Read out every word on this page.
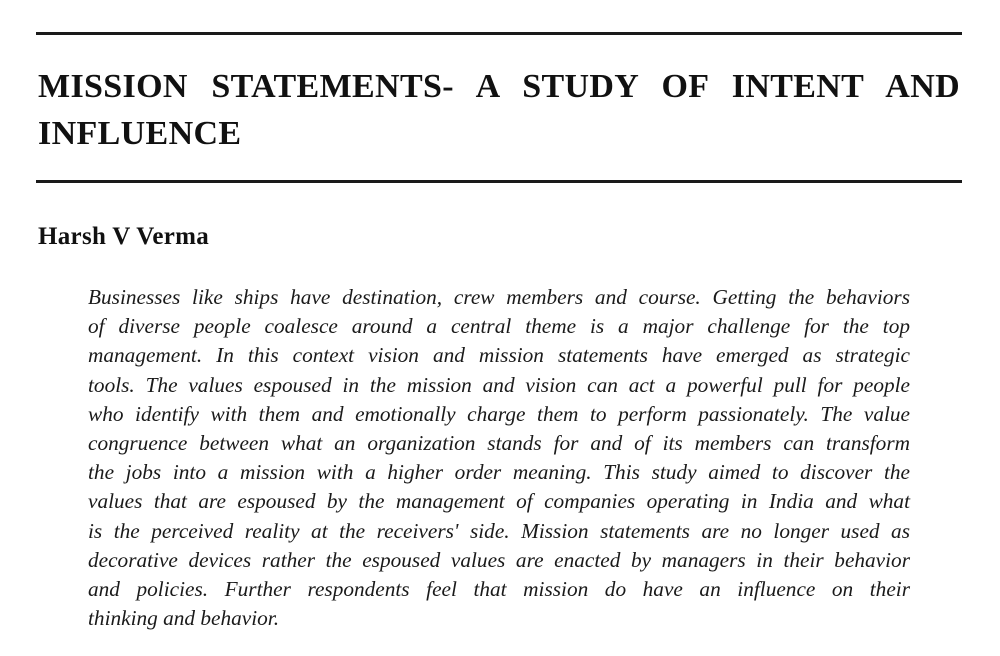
MISSION STATEMENTS- A STUDY OF INTENT AND
INFLUENCE
Harsh V Verma
Businesses like ships have destination, crew members and course. Getting the behaviors
of diverse people coalesce around a central theme is a major challenge for the top
management. In this context vision and mission statements have emerged as strategic
tools. The values espoused in the mission and vision can act a powerful pull for people
who identify with them and emotionally charge them to perform passionately. The value
congruence between what an organization stands for and of its members can transform
the jobs into a mission with a higher order meaning. This study aimed to discover the
values that are espoused by the management of companies operating in India and what
is the perceived reality at the receivers' side. Mission statements are no longer used as
decorative devices rather the espoused values are enacted by managers in their behavior
and policies. Further respondents feel that mission do have an influence on their
thinking and behavior.
